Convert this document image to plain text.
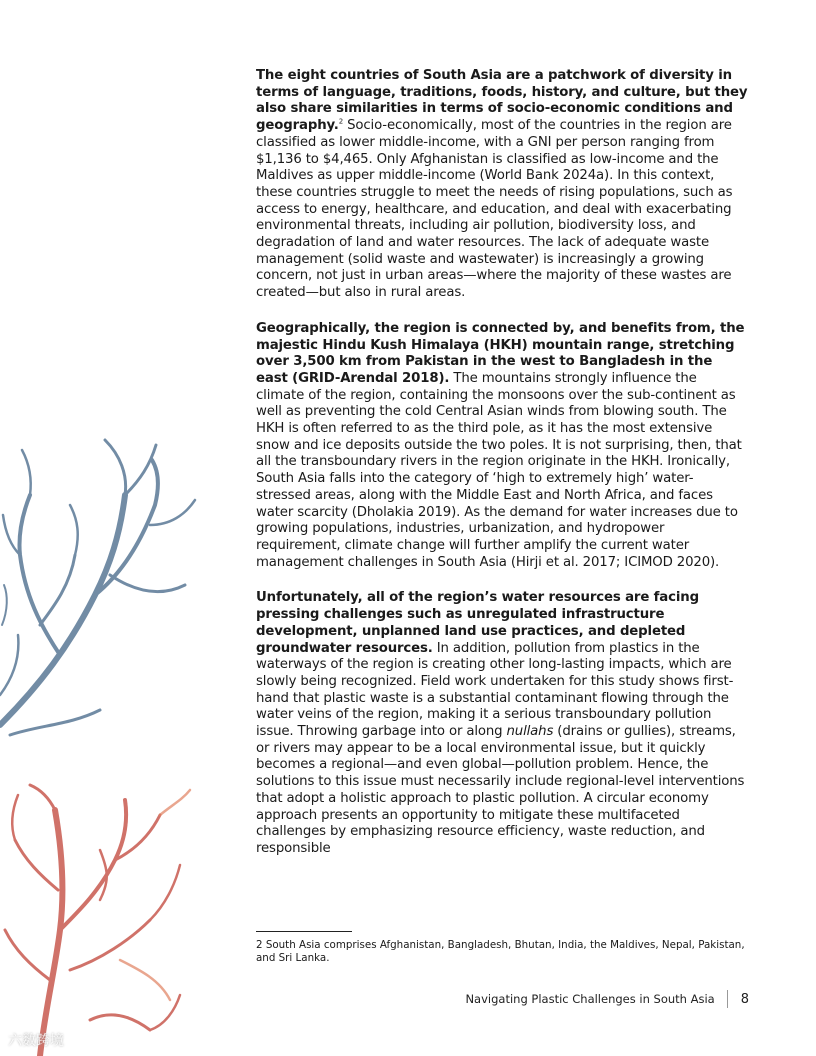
The eight countries of South Asia are a patchwork of diversity in terms of language, traditions, foods, history, and culture, but they also share similarities in terms of socio-economic conditions and geography.$^2$ Socio-economically, most of the countries in the region are classified as lower middle-income, with a GNI per person ranging from $1,136 to $4,465. Only Afghanistan is classified as low-income and the Maldives as upper middle-income (World Bank 2024a). In this context, these countries struggle to meet the needs of rising populations, such as access to energy, healthcare, and education, and deal with exacerbating environmental threats, including air pollution, biodiversity loss, and degradation of land and water resources. The lack of adequate waste management (solid waste and wastewater) is increasingly a growing concern, not just in urban areas—where the majority of these wastes are created—but also in rural areas.

Geographically, the region is connected by, and benefits from, the majestic Hindu Kush Himalaya (HKH) mountain range, stretching over 3,500 km from Pakistan in the west to Bangladesh in the east (GRID-Arendal 2018). The mountains strongly influence the climate of the region, containing the monsoons over the sub-continent as well as preventing the cold Central Asian winds from blowing south. The HKH is often referred to as the third pole, as it has the most extensive snow and ice deposits outside the two poles. It is not surprising, then, that all the transboundary rivers in the region originate in the HKH. Ironically, South Asia falls into the category of ‘high to extremely high’ water-stressed areas, along with the Middle East and North Africa, and faces water scarcity (Dholakia 2019). As the demand for water increases due to growing populations, industries, urbanization, and hydropower requirement, climate change will further amplify the current water management challenges in South Asia (Hirji et al. 2017; ICIMOD 2020).

Unfortunately, all of the region’s water resources are facing pressing challenges such as unregulated infrastructure development, unplanned land use practices, and depleted groundwater resources. In addition, pollution from plastics in the waterways of the region is creating other long-lasting impacts, which are slowly being recognized. Field work undertaken for this study shows first-hand that plastic waste is a substantial contaminant flowing through the water veins of the region, making it a serious transboundary pollution issue. Throwing garbage into or along nullahs (drains or gullies), streams, or rivers may appear to be a local environmental issue, but it quickly becomes a regional—and even global—pollution problem. Hence, the solutions to this issue must necessarily include regional-level interventions that adopt a holistic approach to plastic pollution. A circular economy approach presents an opportunity to mitigate these multifaceted challenges by emphasizing resource efficiency, waste reduction, and responsible

2 South Asia comprises Afghanistan, Bangladesh, Bhutan, India, the Maldives, Nepal, Pakistan, and Sri Lanka.

Navigating Plastic Challenges in South Asia 8
六数跨境
